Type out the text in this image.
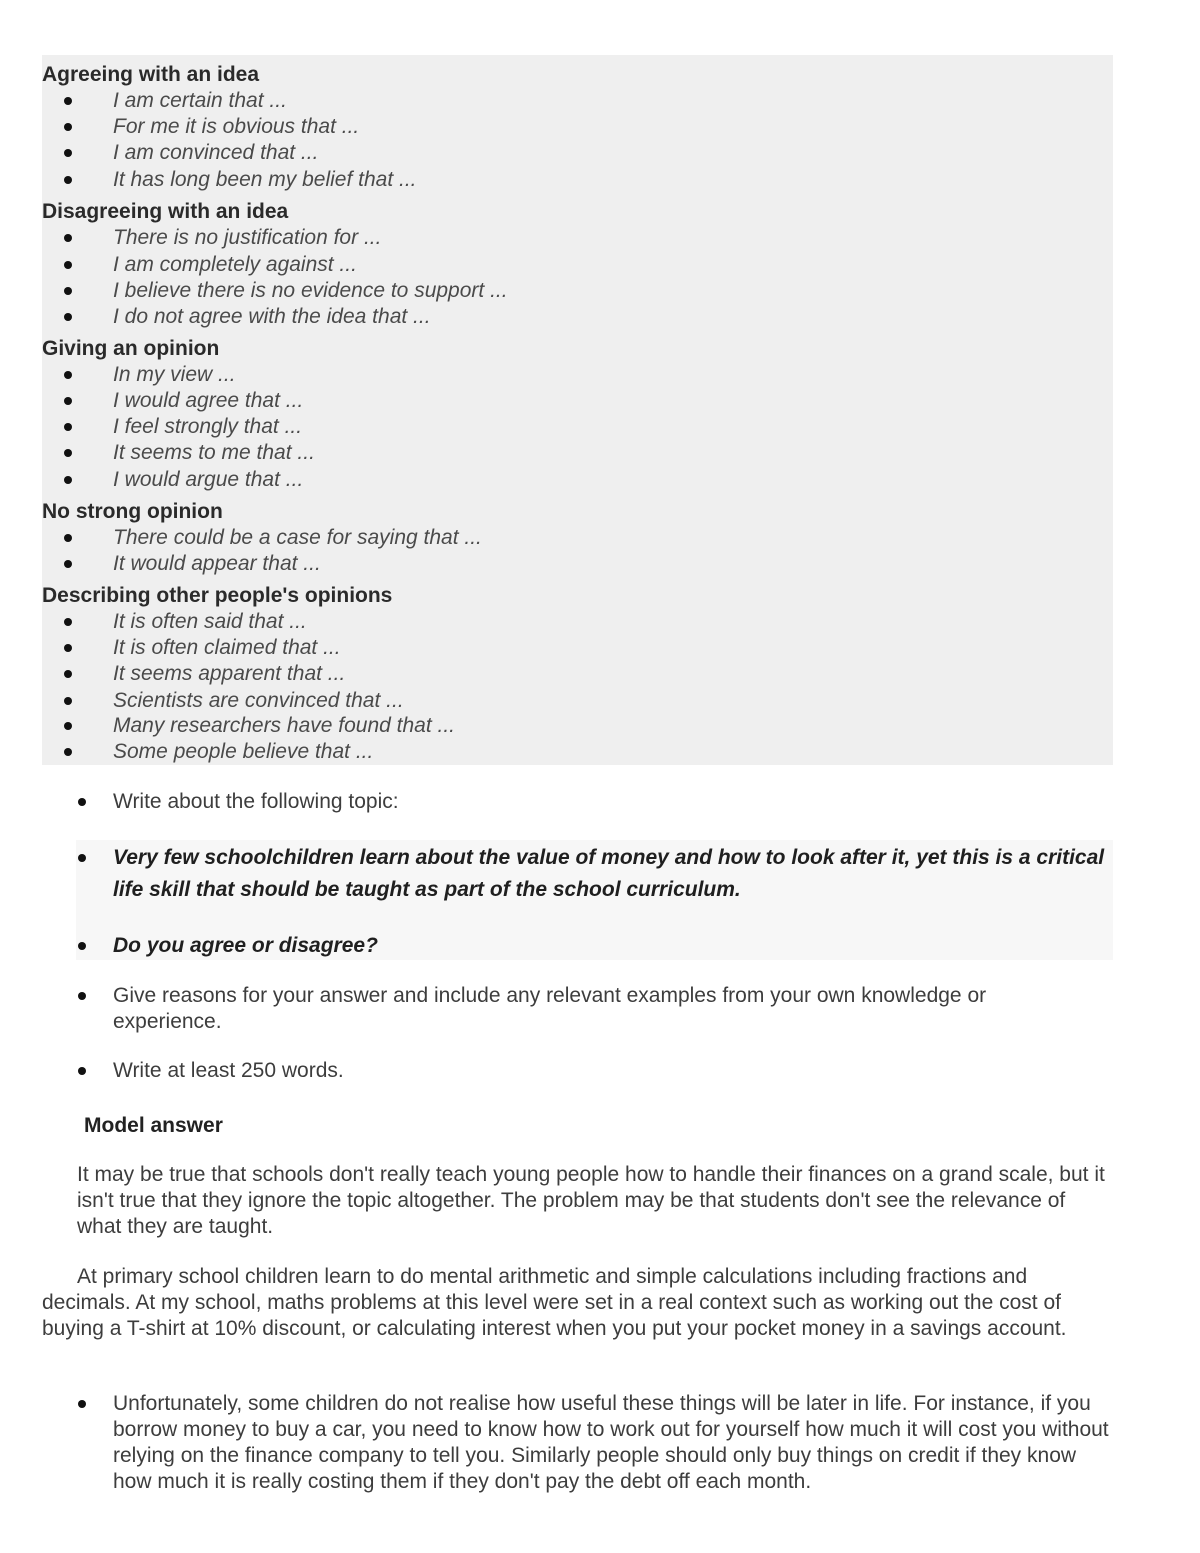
Agreeing with an idea
I am certain that ...
For me it is obvious that ...
I am convinced that ...
It has long been my belief that ...
Disagreeing with an idea
There is no justification for ...
I am completely against ...
I believe there is no evidence to support ...
I do not agree with the idea that ...
Giving an opinion
In my view ...
I would agree that ...
I feel strongly that ...
It seems to me that ...
I would argue that ...
No strong opinion
There could be a case for saying that ...
It would appear that ...
Describing other people's opinions
It is often said that ...
It is often claimed that ...
It seems apparent that ...
Scientists are convinced that ...
Many researchers have found that ...
Some people believe that ...
Write about the following topic:
Very few schoolchildren learn about the value of money and how to look after it, yet this is a critical life skill that should be taught as part of the school curriculum.
Do you agree or disagree?
Give reasons for your answer and include any relevant examples from your own knowledge or experience.
Write at least 250 words.
Model answer
It may be true that schools don't really teach young people how to handle their finances on a grand scale, but it isn't true that they ignore the topic altogether. The problem may be that students don't see the relevance of what they are taught.
At primary school children learn to do mental arithmetic and simple calculations including fractions and decimals. At my school, maths problems at this level were set in a real context such as working out the cost of buying a T-shirt at 10% discount, or calculating interest when you put your pocket money in a savings account.
Unfortunately, some children do not realise how useful these things will be later in life. For instance, if you borrow money to buy a car, you need to know how to work out for yourself how much it will cost you without relying on the finance company to tell you. Similarly people should only buy things on credit if they know how much it is really costing them if they don't pay the debt off each month.
